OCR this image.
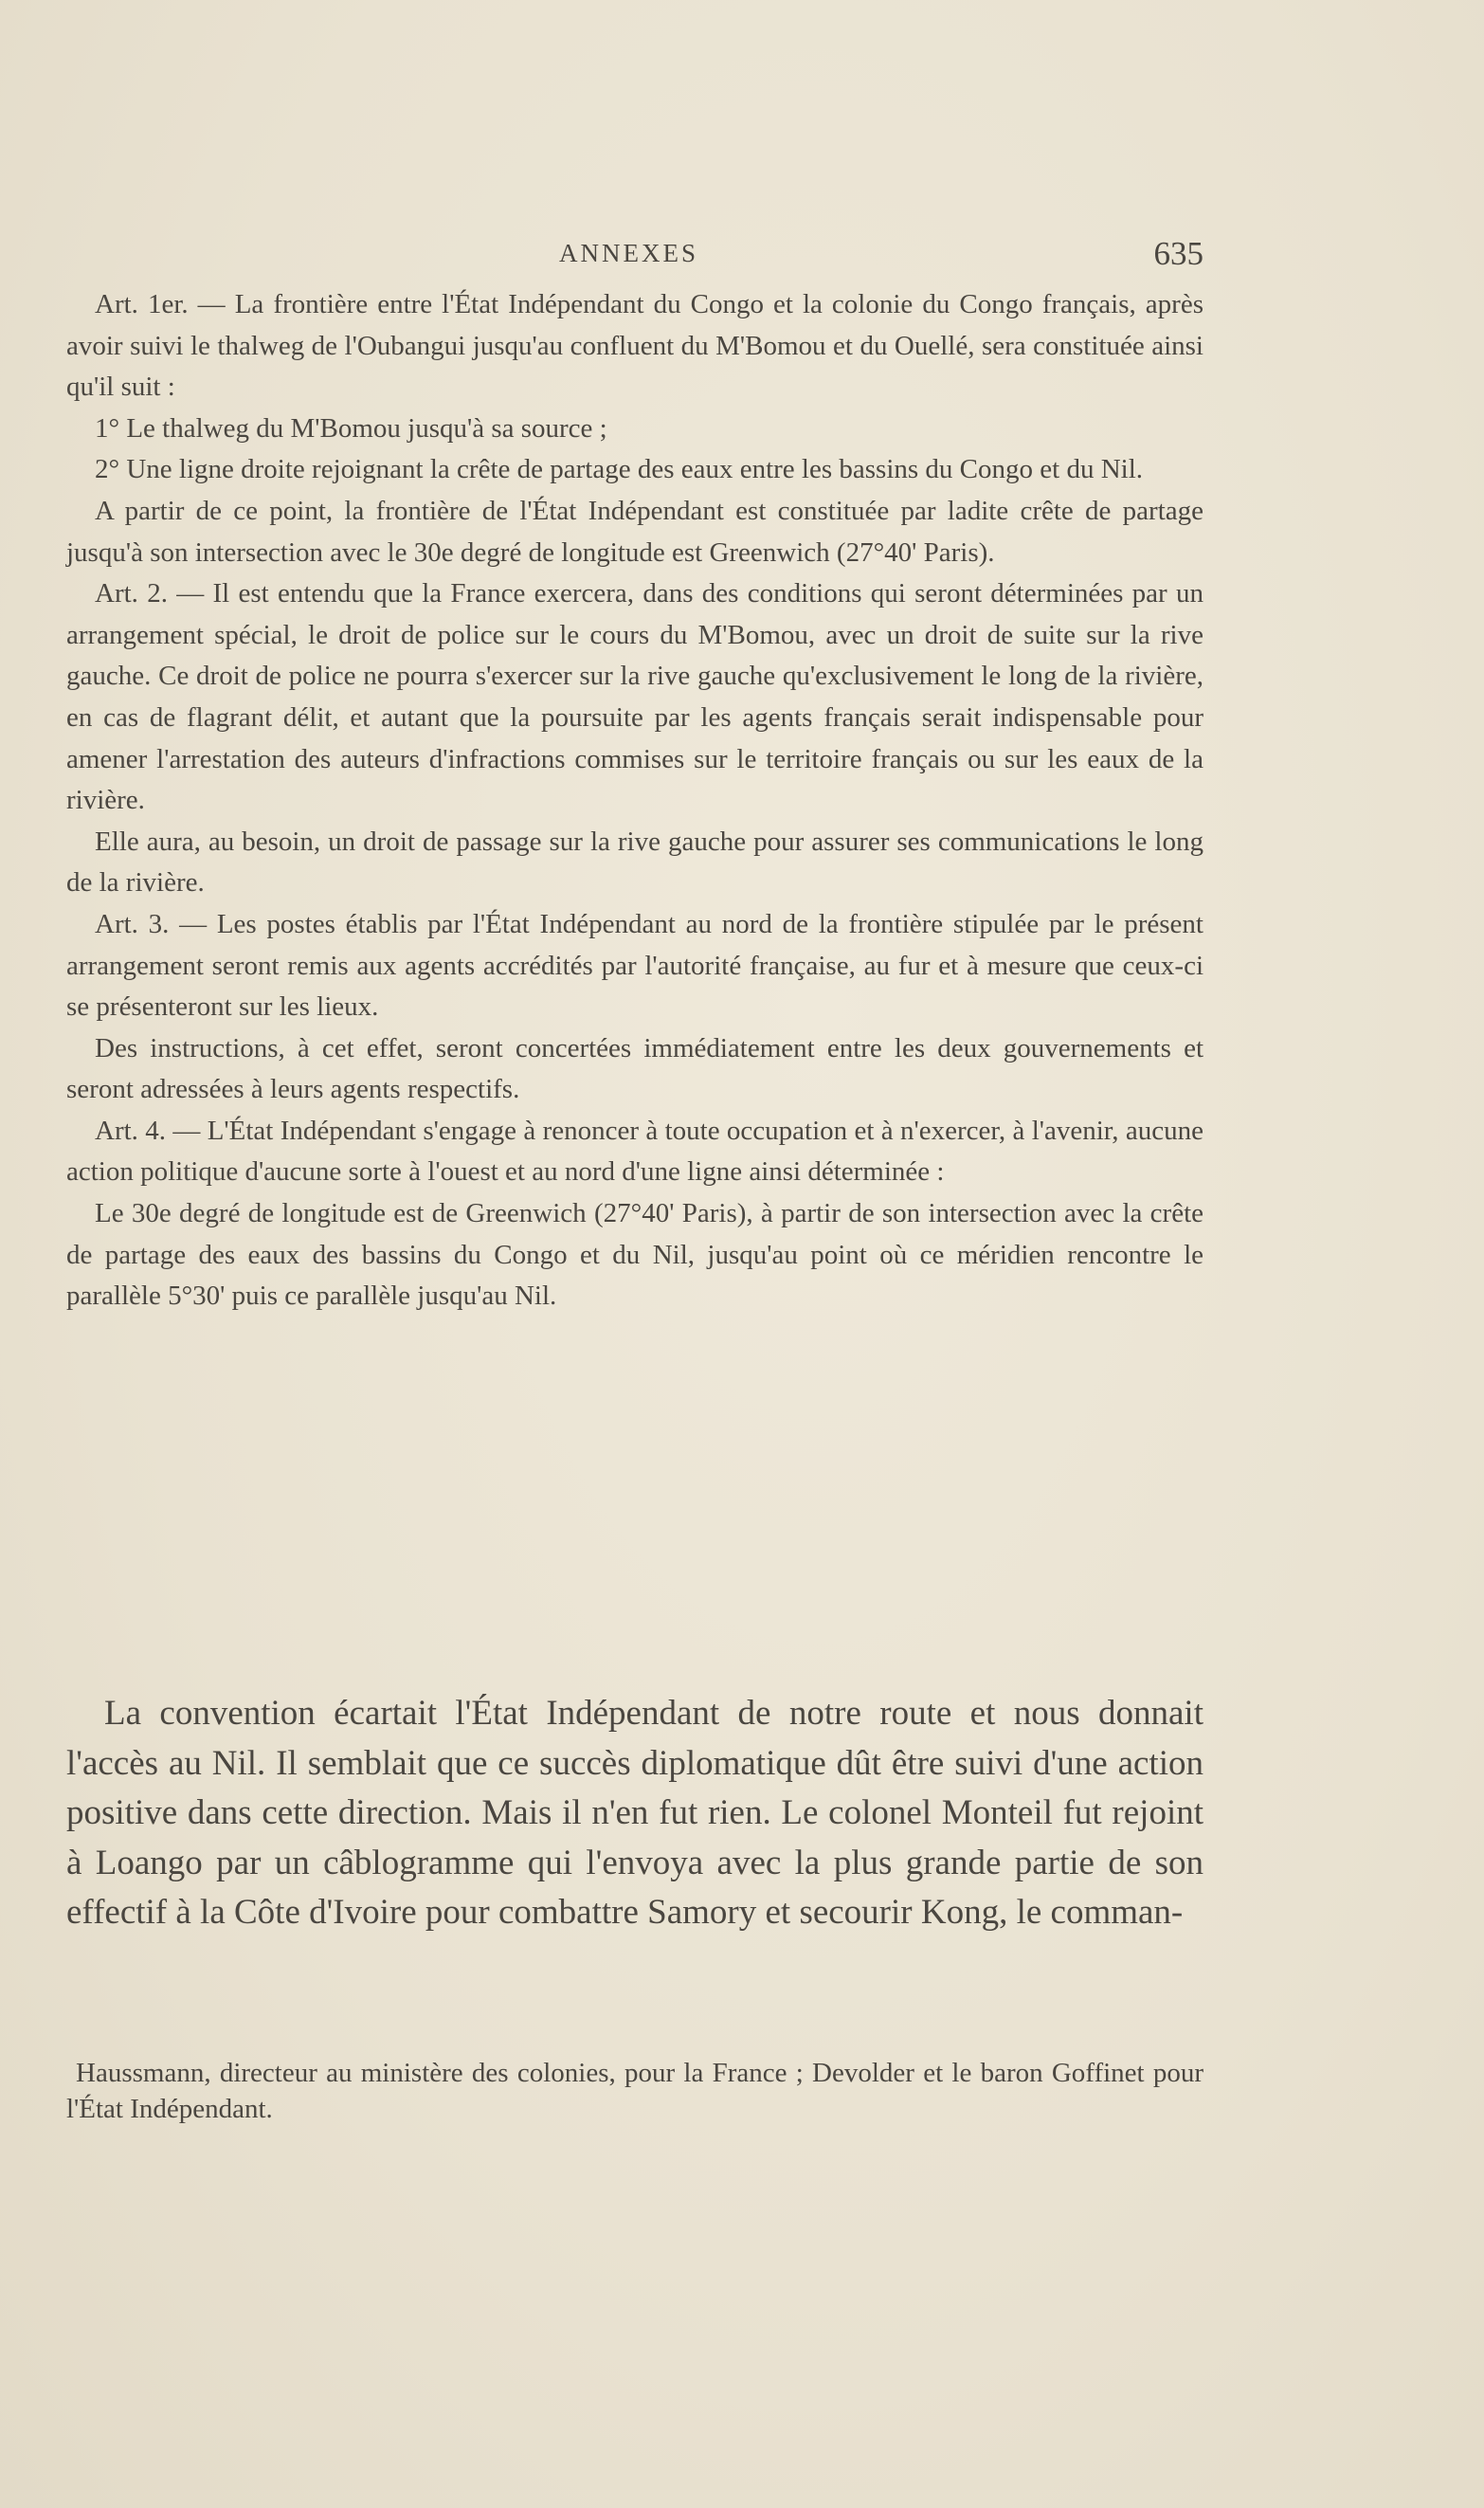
ANNEXES	635

Art. 1er. — La frontière entre l'État Indépendant du Congo et la colonie du Congo français, après avoir suivi le thalweg de l'Oubangui jusqu'au confluent du M'Bomou et du Ouellé, sera constituée ainsi qu'il suit :

1° Le thalweg du M'Bomou jusqu'à sa source ;

2° Une ligne droite rejoignant la crête de partage des eaux entre les bassins du Congo et du Nil.

A partir de ce point, la frontière de l'État Indépendant est constituée par ladite crête de partage jusqu'à son intersection avec le 30e degré de longitude est Greenwich (27°40' Paris).

Art. 2. — Il est entendu que la France exercera, dans des conditions qui seront déterminées par un arrangement spécial, le droit de police sur le cours du M'Bomou, avec un droit de suite sur la rive gauche. Ce droit de police ne pourra s'exercer sur la rive gauche qu'exclusivement le long de la rivière, en cas de flagrant délit, et autant que la poursuite par les agents français serait indispensable pour amener l'arrestation des auteurs d'infractions commises sur le territoire français ou sur les eaux de la rivière.

Elle aura, au besoin, un droit de passage sur la rive gauche pour assurer ses communications le long de la rivière.

Art. 3. — Les postes établis par l'État Indépendant au nord de la frontière stipulée par le présent arrangement seront remis aux agents accrédités par l'autorité française, au fur et à mesure que ceux-ci se présenteront sur les lieux.

Des instructions, à cet effet, seront concertées immédiatement entre les deux gouvernements et seront adressées à leurs agents respectifs.

Art. 4. — L'État Indépendant s'engage à renoncer à toute occupation et à n'exercer, à l'avenir, aucune action politique d'aucune sorte à l'ouest et au nord d'une ligne ainsi déterminée :

Le 30e degré de longitude est de Greenwich (27°40' Paris), à partir de son intersection avec la crête de partage des eaux des bassins du Congo et du Nil, jusqu'au point où ce méridien rencontre le parallèle 5°30' puis ce parallèle jusqu'au Nil.

La convention écartait l'État Indépendant de notre route et nous donnait l'accès au Nil. Il semblait que ce succès diplomatique dût être suivi d'une action positive dans cette direction. Mais il n'en fut rien. Le colonel Monteil fut rejoint à Loango par un câblogramme qui l'envoya avec la plus grande partie de son effectif à la Côte d'Ivoire pour combattre Samory et secourir Kong, le comman-

Haussmann, directeur au ministère des colonies, pour la France ; Devolder et le baron Goffinet pour l'État Indépendant.
